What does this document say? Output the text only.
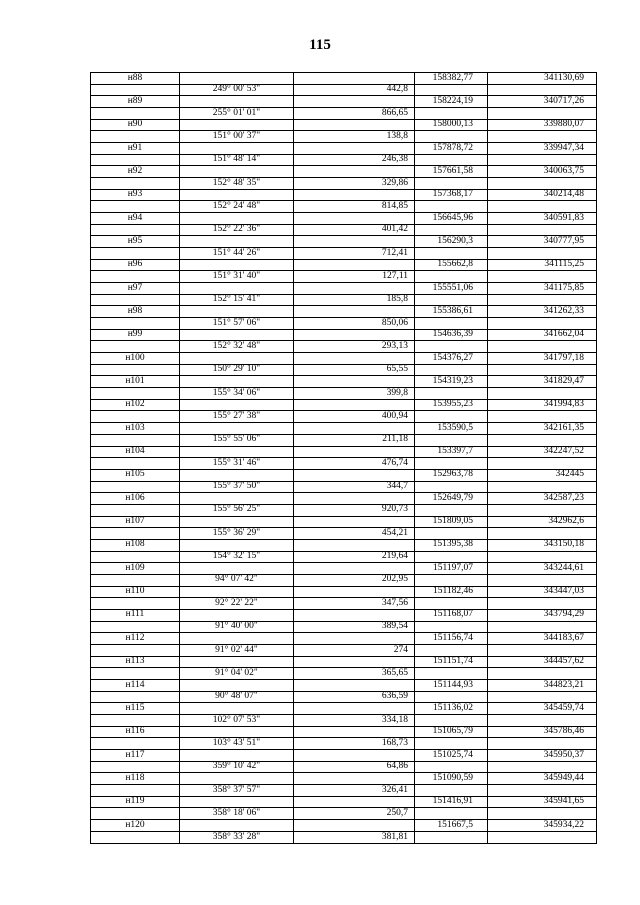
115
н88			158382,77	341130,69
	249° 00' 53"	442,8		
н89			158224,19	340717,26
	255° 01' 01"	866,65		
н90			158000,13	339880,07
	151° 00' 37"	138,8		
н91			157878,72	339947,34
	151° 48' 14"	246,38		
н92			157661,58	340063,75
	152° 48' 35"	329,86		
н93			157368,17	340214,48
	152° 24' 48"	814,85		
н94			156645,96	340591,83
	152° 22' 36"	401,42		
н95			156290,3	340777,95
	151° 44' 26"	712,41		
н96			155662,8	341115,25
	151° 31' 40"	127,11		
н97			155551,06	341175,85
	152° 15' 41"	185,8		
н98			155386,61	341262,33
	151° 57' 06"	850,06		
н99			154636,39	341662,04
	152° 32' 48"	293,13		
н100			154376,27	341797,18
	150° 29' 10"	65,55		
н101			154319,23	341829,47
	155° 34' 06"	399,8		
н102			153955,23	341994,83
	155° 27' 38"	400,94		
н103			153590,5	342161,35
	155° 55' 06"	211,18		
н104			153397,7	342247,52
	155° 31' 46"	476,74		
н105			152963,78	342445
	155° 37' 50"	344,7		
н106			152649,79	342587,23
	155° 56' 25"	920,73		
н107			151809,05	342962,6
	155° 36' 29"	454,21		
н108			151395,38	343150,18
	154° 32' 15"	219,64		
н109			151197,07	343244,61
	94° 07' 42"	202,95		
н110			151182,46	343447,03
	92° 22' 22"	347,56		
н111			151168,07	343794,29
	91° 40' 00"	389,54		
н112			151156,74	344183,67
	91° 02' 44"	274		
н113			151151,74	344457,62
	91° 04' 02"	365,65		
н114			151144,93	344823,21
	90° 48' 07"	636,59		
н115			151136,02	345459,74
	102° 07' 53"	334,18		
н116			151065,79	345786,46
	103° 43' 51"	168,73		
н117			151025,74	345950,37
	359° 10' 42"	64,86		
н118			151090,59	345949,44
	358° 37' 57"	326,41		
н119			151416,91	345941,65
	358° 18' 06"	250,7		
н120			151667,5	345934,22
	358° 33' 28"	381,81		
